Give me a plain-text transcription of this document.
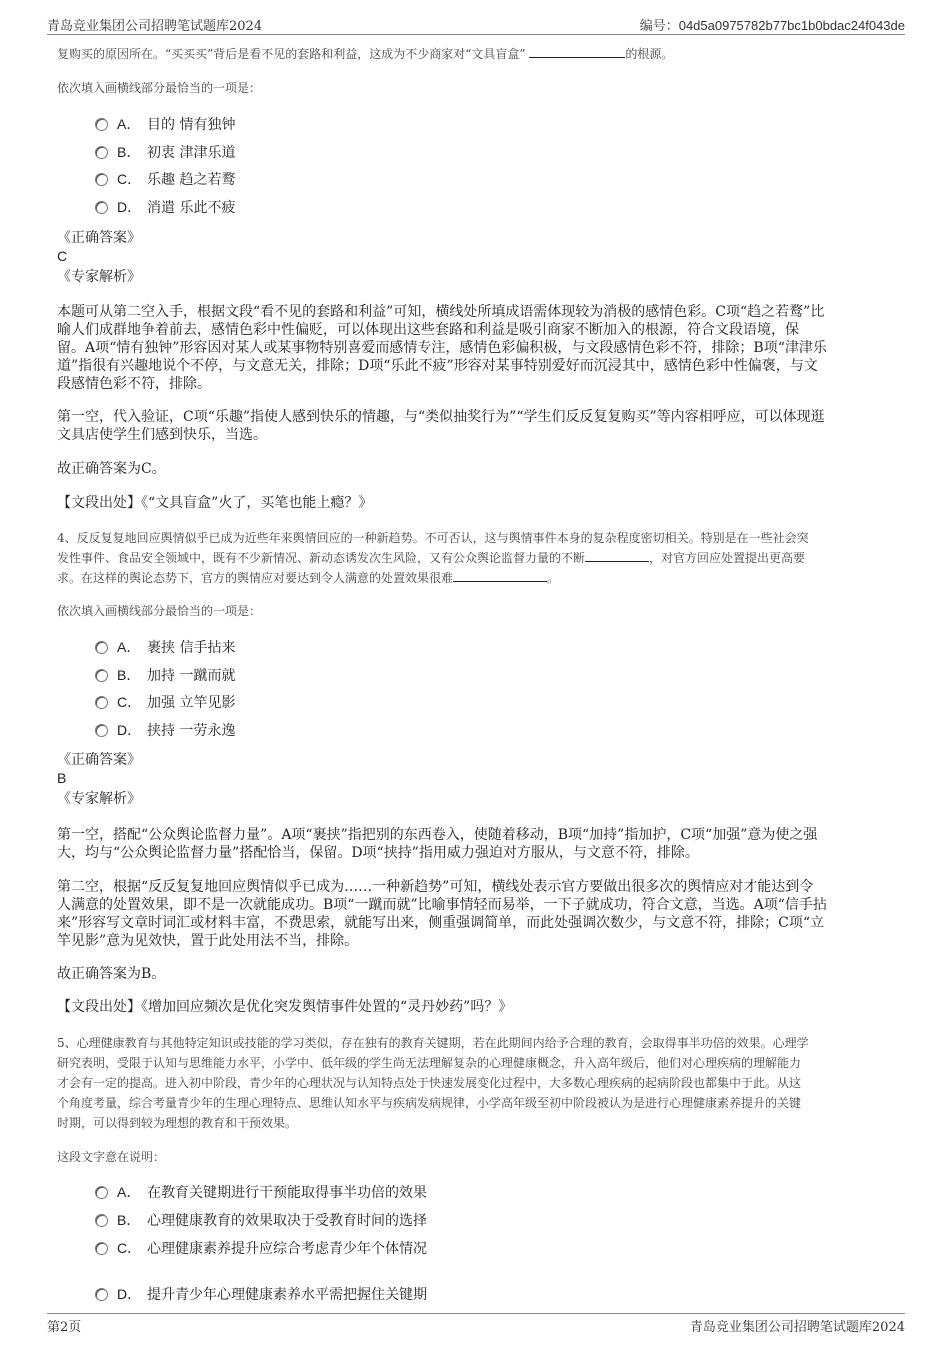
青岛竞业集团公司招聘笔试题库2024	编号：04d5a0975782b77bc1b0bdac24f043de
复购买的原因所在。“买买买”背后是看不见的套路和利益，这成为不少商家对“文具盲盒”	的根源。
依次填入画横线部分最恰当的一项是：
A． 目的 情有独钟
B． 初衷 津津乐道
C． 乐趣 趋之若鹜
D． 消遣 乐此不疲
《正确答案》
C
《专家解析》
本题可从第二空入手，根据文段“看不见的套路和利益”可知，横线处所填成语需体现较为消极的感情色彩。C项“趋之若鹜”比
喻人们成群地争着前去，感情色彩中性偏贬，可以体现出这些套路和利益是吸引商家不断加入的根源，符合文段语境，保
留。A项“情有独钟”形容因对某人或某事物特别喜爱而感情专注，感情色彩偏积极，与文段感情色彩不符，排除；B项“津津乐
道”指很有兴趣地说个不停，与文意无关，排除；D项“乐此不疲”形容对某事特别爱好而沉浸其中，感情色彩中性偏褒，与文
段感情色彩不符，排除。
第一空，代入验证，C项“乐趣”指使人感到快乐的情趣，与“类似抽奖行为”“学生们反反复复购买”等内容相呼应，可以体现逛
文具店使学生们感到快乐，当选。
故正确答案为C。
【文段出处】《“文具盲盒”火了，买笔也能上瘾？》
4、反反复复地回应舆情似乎已成为近些年来舆情回应的一种新趋势。不可否认，这与舆情事件本身的复杂程度密切相关。特别是在一些社会突
发性事件、食品安全领域中，既有不少新情况、新动态诱发次生风险，又有公众舆论监督力量的不断	，对官方回应处置提出更高要
求。在这样的舆论态势下，官方的舆情应对要达到令人满意的处置效果很难	。
依次填入画横线部分最恰当的一项是：
A． 裹挟 信手拈来
B． 加持 一蹴而就
C． 加强 立竿见影
D． 挟持 一劳永逸
《正确答案》
B
《专家解析》
第一空，搭配“公众舆论监督力量”。A项“裹挟”指把别的东西卷入，使随着移动，B项“加持”指加护，C项“加强”意为使之强
大，均与“公众舆论监督力量”搭配恰当，保留。D项“挟持”指用威力强迫对方服从，与文意不符，排除。
第二空，根据“反反复复地回应舆情似乎已成为……一种新趋势”可知，横线处表示官方要做出很多次的舆情应对才能达到令
人满意的处置效果，即不是一次就能成功。B项“一蹴而就”比喻事情轻而易举，一下子就成功，符合文意，当选。A项“信手拈
来”形容写文章时词汇或材料丰富，不费思索，就能写出来，侧重强调简单，而此处强调次数少，与文意不符，排除；C项“立
竿见影”意为见效快，置于此处用法不当，排除。
故正确答案为B。
【文段出处】《增加回应频次是优化突发舆情事件处置的“灵丹妙药”吗？》
5、心理健康教育与其他特定知识或技能的学习类似，存在独有的教育关键期，若在此期间内给予合理的教育，会取得事半功倍的效果。心理学
研究表明，受限于认知与思维能力水平，小学中、低年级的学生尚无法理解复杂的心理健康概念，升入高年级后，他们对心理疾病的理解能力
才会有一定的提高。进入初中阶段，青少年的心理状况与认知特点处于快速发展变化过程中，大多数心理疾病的起病阶段也都集中于此。从这
个角度考量，综合考量青少年的生理心理特点、思维认知水平与疾病发病规律，小学高年级至初中阶段被认为是进行心理健康素养提升的关键
时期，可以得到较为理想的教育和干预效果。
这段文字意在说明：
A． 在教育关键期进行干预能取得事半功倍的效果
B． 心理健康教育的效果取决于受教育时间的选择
C． 心理健康素养提升应综合考虑青少年个体情况
D． 提升青少年心理健康素养水平需把握住关键期
第2页	青岛竞业集团公司招聘笔试题库2024
